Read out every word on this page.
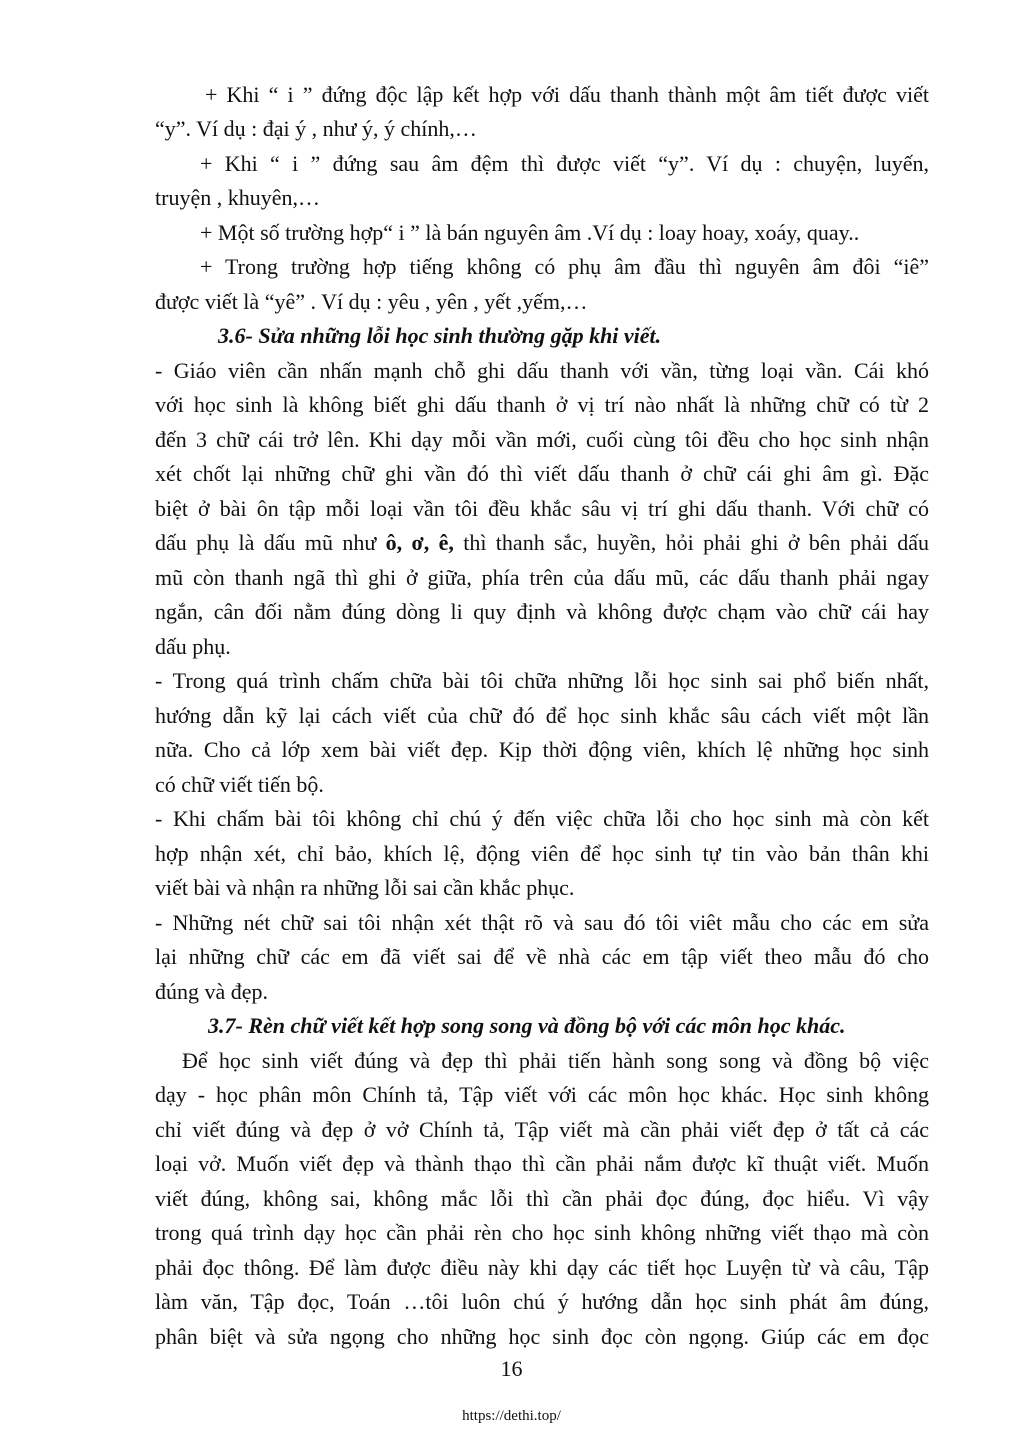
+ Khi “ i ” đứng độc lập kết hợp với dấu thanh thành một âm tiết được viết
“y”. Ví dụ : đại ý , như ý, ý chính,…
+ Khi “ i ” đứng sau âm đệm thì được viết “y”. Ví dụ : chuyện, luyến,
truyện , khuyên,…
+ Một số trường hợp“ i ” là bán nguyên âm .Ví dụ : loay hoay, xoáy, quay..
+ Trong trường hợp tiếng không có phụ âm đầu thì nguyên âm đôi “iê”
được viết là “yê” . Ví dụ : yêu , yên , yết ,yếm,…
3.6- Sửa những lỗi học sinh thường gặp khi viết.
- Giáo viên cần nhấn mạnh chỗ ghi dấu thanh với vần, từng loại vần. Cái khó
với học sinh là không biết ghi dấu thanh ở vị trí nào nhất là những chữ có từ 2
đến 3 chữ cái trở lên. Khi dạy mỗi vần mới, cuối cùng tôi đều cho học sinh nhận
xét chốt lại những chữ ghi vần đó thì viết dấu thanh ở chữ cái ghi âm gì. Đặc
biệt ở bài ôn tập mỗi loại vần tôi đều khắc sâu vị trí ghi dấu thanh. Với chữ có
dấu phụ là dấu mũ như ô, ơ, ê, thì thanh sắc, huyền, hỏi phải ghi ở bên phải dấu
mũ còn thanh ngã thì ghi ở giữa, phía trên của dấu mũ, các dấu thanh phải ngay
ngắn, cân đối nằm đúng dòng li quy định và không được chạm vào chữ cái hay
dấu phụ.
- Trong quá trình chấm chữa bài tôi chữa những lỗi học sinh sai phổ biến nhất,
hướng dẫn kỹ lại cách viết của chữ đó để học sinh khắc sâu cách viết một lần
nữa. Cho cả lớp xem bài viết đẹp. Kịp thời động viên, khích lệ những học sinh
có chữ viết tiến bộ.
- Khi chấm bài tôi không chỉ chú ý đến việc chữa lỗi cho học sinh mà còn kết
hợp nhận xét, chỉ bảo, khích lệ, động viên để học sinh tự tin vào bản thân khi
viết bài và nhận ra những lỗi sai cần khắc phục.
- Những nét chữ sai tôi nhận xét thật rõ và sau đó tôi viêt mẫu cho các em sửa
lại những chữ các em đã viết sai để về nhà các em tập viết theo mẫu đó cho
đúng và đẹp.
3.7- Rèn chữ viết kết hợp song song và đồng bộ với các môn học khác.
Để học sinh viết đúng và đẹp thì phải tiến hành song song và đồng bộ việc
dạy - học phân môn Chính tả, Tập viết với các môn học khác. Học sinh không
chỉ viết đúng và đẹp ở vở Chính tả, Tập viết mà cần phải viết đẹp ở tất cả các
loại vở. Muốn viết đẹp và thành thạo thì cần phải nắm được kĩ thuật viết. Muốn
viết đúng, không sai, không mắc lỗi thì cần phải đọc đúng, đọc hiểu. Vì vậy
trong quá trình dạy học cần phải rèn cho học sinh không những viết thạo mà còn
phải đọc thông. Để làm được điều này khi dạy các tiết học Luyện từ và câu, Tập
làm văn, Tập đọc, Toán …tôi luôn chú ý hướng dẫn học sinh phát âm đúng,
phân biệt và sửa ngọng cho những học sinh đọc còn ngọng. Giúp các em đọc
16
https://dethi.top/
